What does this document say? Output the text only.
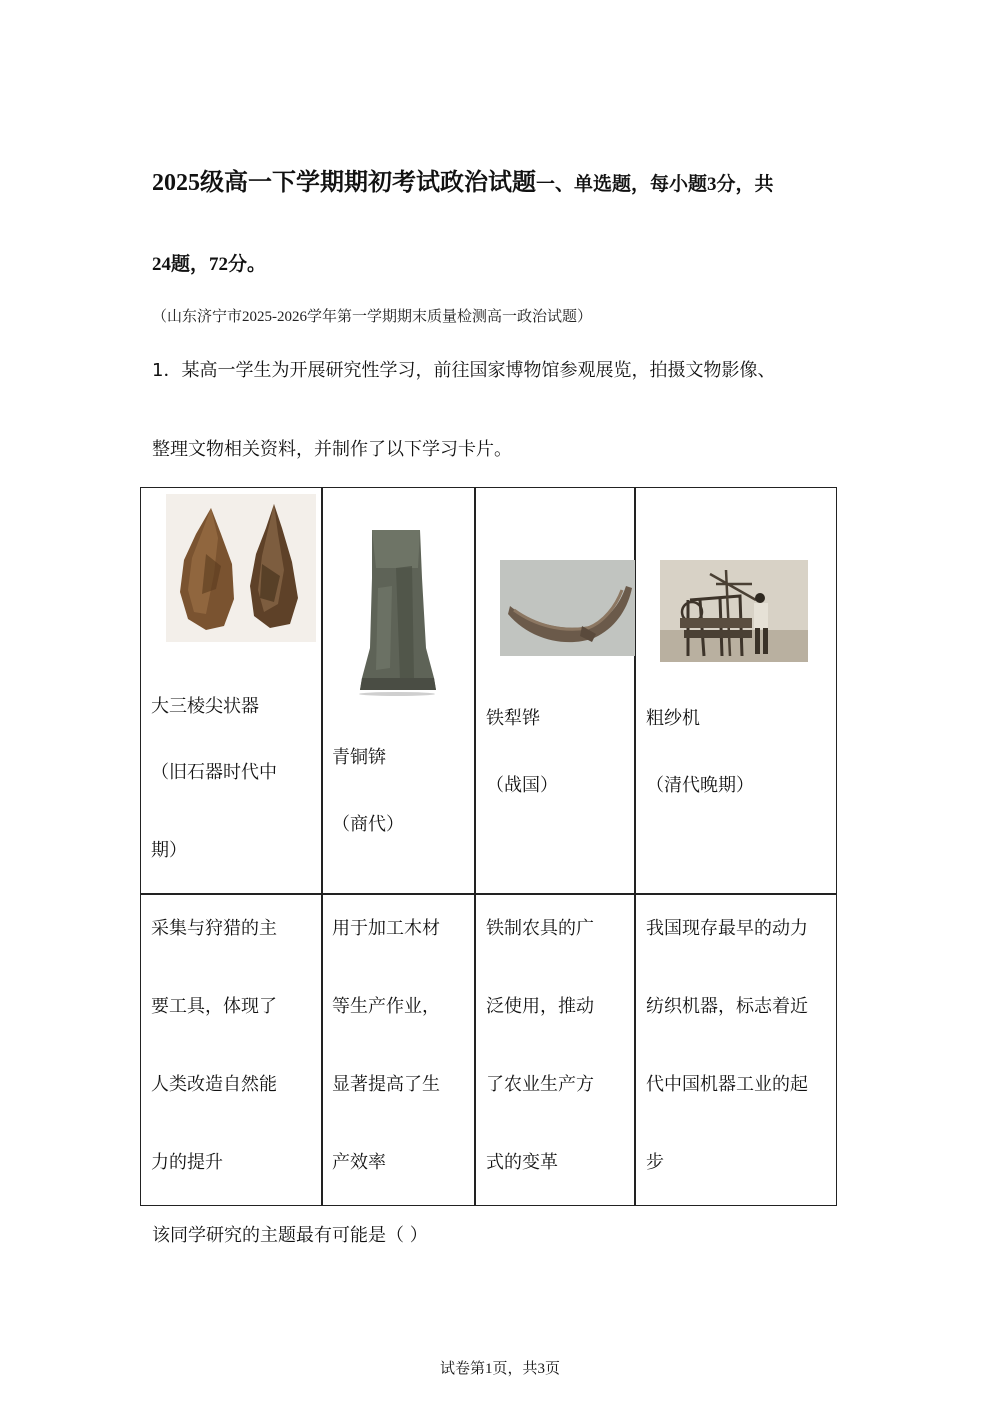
2025级高一下学期期初考试政治试题一、单选题，每小题3分，共
24题，72分。
（山东济宁市2025-2026学年第一学期期末质量检测高一政治试题）
1．某高一学生为开展研究性学习，前往国家博物馆参观展览，拍摄文物影像、
整理文物相关资料，并制作了以下学习卡片。
大三棱尖状器
（旧石器时代中
期）
青铜锛
（商代）
铁犁铧
（战国）
粗纱机
（清代晚期）
采集与狩猎的主
要工具，体现了
人类改造自然能
力的提升
用于加工木材
等生产作业，
显著提高了生
产效率
铁制农具的广
泛使用，推动
了农业生产方
式的变革
我国现存最早的动力
纺织机器，标志着近
代中国机器工业的起
步
该同学研究的主题最有可能是（ ）
试卷第1页，共3页
